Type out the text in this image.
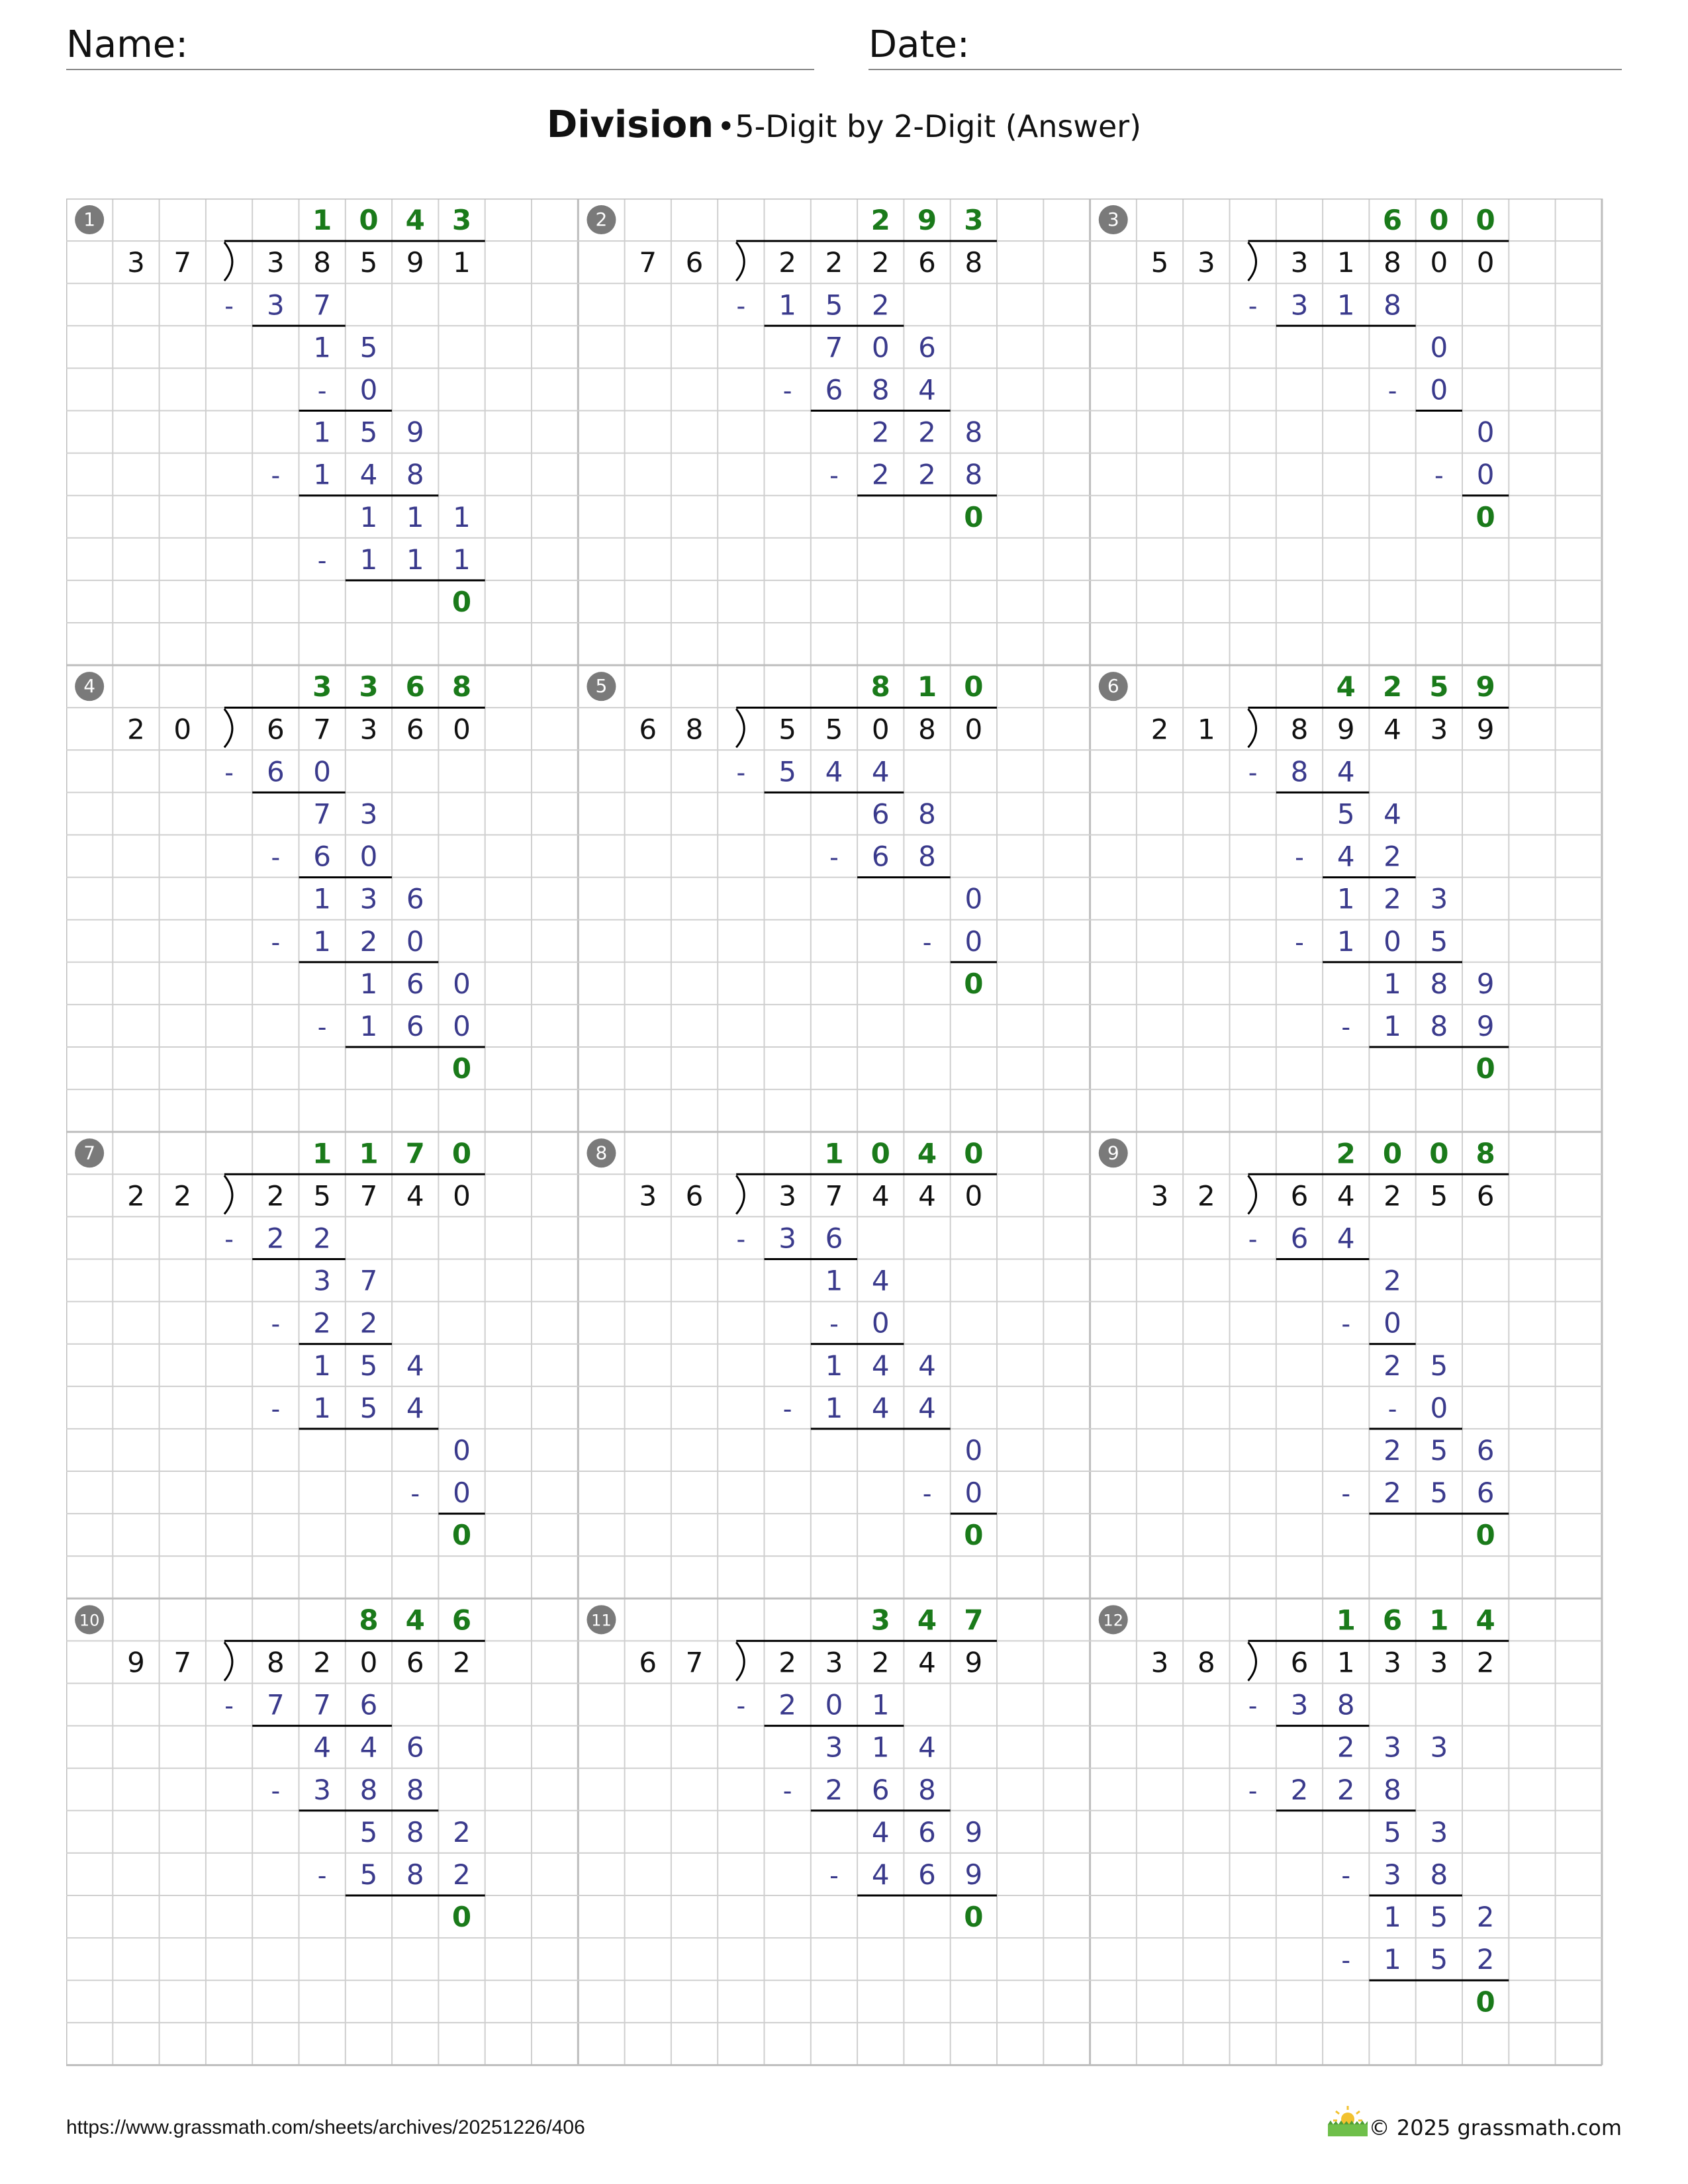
Name:	Date:
Division •5-Digit by 2-Digit (Answer)
1	1 0 4 3
3 7	3 8 5 9 1
- 3 7
1 5
- 0
1 5 9
- 1 4 8
1 1 1
- 1 1 1
0
2	2 9 3
7 6	2 2 2 6 8
- 1 5 2
7 0 6
- 6 8 4
2 2 8
- 2 2 8
0
3	6 0 0
5 3	3 1 8 0 0
- 3 1 8
0
- 0
0
- 0
0
4	3 3 6 8
2 0	6 7 3 6 0
- 6 0
7 3
- 6 0
1 3 6
- 1 2 0
1 6 0
- 1 6 0
0
5	8 1 0
6 8	5 5 0 8 0
- 5 4 4
6 8
- 6 8
0
- 0
0
6	4 2 5 9
2 1	8 9 4 3 9
- 8 4
5 4
- 4 2
1 2 3
- 1 0 5
1 8 9
- 1 8 9
0
7	1 1 7 0
2 2	2 5 7 4 0
- 2 2
3 7
- 2 2
1 5 4
- 1 5 4
0
- 0
0
8	1 0 4 0
3 6	3 7 4 4 0
- 3 6
1 4
- 0
1 4 4
- 1 4 4
0
- 0
0
9	2 0 0 8
3 2	6 4 2 5 6
- 6 4
2
- 0
2 5
- 0
2 5 6
- 2 5 6
0
10	8 4 6
9 7	8 2 0 6 2
- 7 7 6
4 4 6
- 3 8 8
5 8 2
- 5 8 2
0
11	3 4 7
6 7	2 3 2 4 9
- 2 0 1
3 1 4
- 2 6 8
4 6 9
- 4 6 9
0
12	1 6 1 4
3 8	6 1 3 3 2
- 3 8
2 3 3
- 2 2 8
5 3
- 3 8
1 5 2
- 1 5 2
0
https://www.grassmath.com/sheets/archives/20251226/406	© 2025 grassmath.com
